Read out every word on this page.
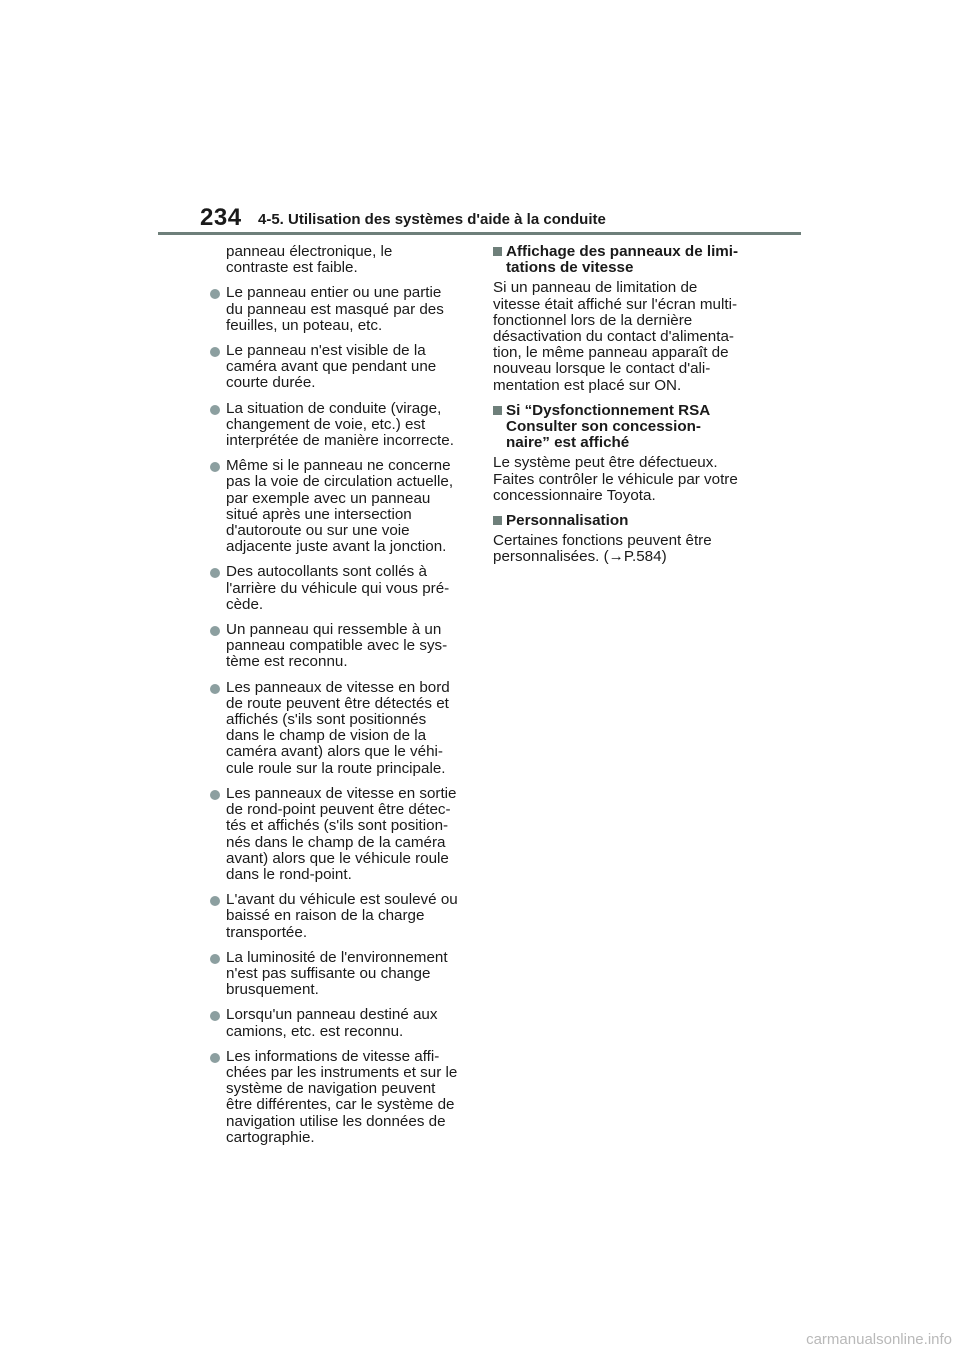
234 4-5. Utilisation des systèmes d'aide à la conduite

panneau électronique, le
contraste est faible.

Le panneau entier ou une partie
du panneau est masqué par des
feuilles, un poteau, etc.
Le panneau n'est visible de la
caméra avant que pendant une
courte durée.
La situation de conduite (virage,
changement de voie, etc.) est
interprétée de manière incorrecte.
Même si le panneau ne concerne
pas la voie de circulation actuelle,
par exemple avec un panneau
situé après une intersection
d'autoroute ou sur une voie
adjacente juste avant la jonction.
Des autocollants sont collés à
l'arrière du véhicule qui vous pré-
cède.
Un panneau qui ressemble à un
panneau compatible avec le sys-
tème est reconnu.
Les panneaux de vitesse en bord
de route peuvent être détectés et
affichés (s'ils sont positionnés
dans le champ de vision de la
caméra avant) alors que le véhi-
cule roule sur la route principale.
Les panneaux de vitesse en sortie
de rond-point peuvent être détec-
tés et affichés (s'ils sont position-
nés dans le champ de la caméra
avant) alors que le véhicule roule
dans le rond-point.
L'avant du véhicule est soulevé ou
baissé en raison de la charge
transportée.
La luminosité de l'environnement
n'est pas suffisante ou change
brusquement.
Lorsqu'un panneau destiné aux
camions, etc. est reconnu.
Les informations de vitesse affi-
chées par les instruments et sur le
système de navigation peuvent
être différentes, car le système de
navigation utilise les données de
cartographie.
Affichage des panneaux de limi-
tations de vitesse

Si un panneau de limitation de
vitesse était affiché sur l'écran multi-
fonctionnel lors de la dernière
désactivation du contact d'alimenta-
tion, le même panneau apparaît de
nouveau lorsque le contact d'ali-
mentation est placé sur ON.

Si “Dysfonctionnement RSA
Consulter son concession-
naire” est affiché

Le système peut être défectueux.
Faites contrôler le véhicule par votre
concessionnaire Toyota.

Personnalisation

Certaines fonctions peuvent être
personnalisées. (→P.584)

carmanualsonline.info
